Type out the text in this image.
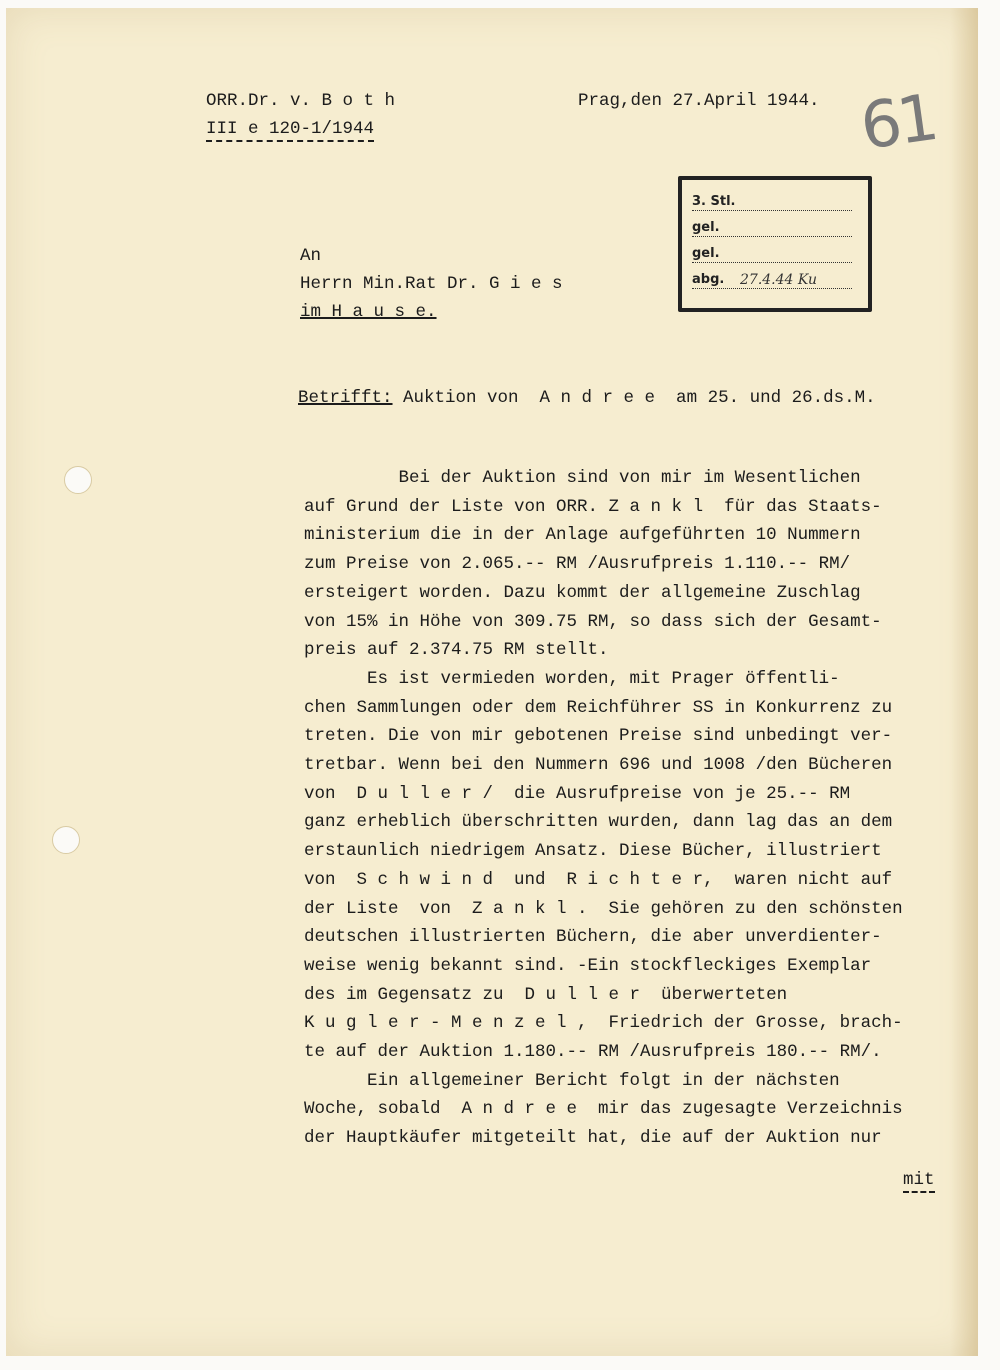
ORR.Dr. v. B o t h
III e 120-1/1944
Prag,den 27.April 1944. 61
3. Stl.
gel.
gel.
abg. 27.4.44 Ku
An
Herrn Min.Rat Dr. G i e s
im H a u s e.
Betrifft: Auktion von  A n d r e e  am 25. und 26.ds.M.
Bei der Auktion sind von mir im Wesentlichen
auf Grund der Liste von ORR. Z a n k l  für das Staats-
ministerium die in der Anlage aufgeführten 10 Nummern
zum Preise von 2.065.-- RM /Ausrufpreis 1.110.-- RM/
ersteigert worden. Dazu kommt der allgemeine Zuschlag
von 15% in Höhe von 309.75 RM, so dass sich der Gesamt-
preis auf 2.374.75 RM stellt.
Es ist vermieden worden, mit Prager öffentli-
chen Sammlungen oder dem Reichführer SS in Konkurrenz zu
treten. Die von mir gebotenen Preise sind unbedingt ver-
tretbar. Wenn bei den Nummern 696 und 1008 /den Bücheren
von  D u l l e r /  die Ausrufpreise von je 25.-- RM
ganz erheblich überschritten wurden, dann lag das an dem
erstaunlich niedrigem Ansatz. Diese Bücher, illustriert
von  S c h w i n d  und  R i c h t e r,  waren nicht auf
der Liste  von  Z a n k l .  Sie gehören zu den schönsten
deutschen illustrierten Büchern, die aber unverdienter-
weise wenig bekannt sind. -Ein stockfleckiges Exemplar
des im Gegensatz zu  D u l l e r  überwerteten
K u g l e r - M e n z e l ,  Friedrich der Grosse, brach-
te auf der Auktion 1.180.-- RM /Ausrufpreis 180.-- RM/.
Ein allgemeiner Bericht folgt in der nächsten
Woche, sobald  A n d r e e  mir das zugesagte Verzeichnis
der Hauptkäufer mitgeteilt hat, die auf der Auktion nur
mit
